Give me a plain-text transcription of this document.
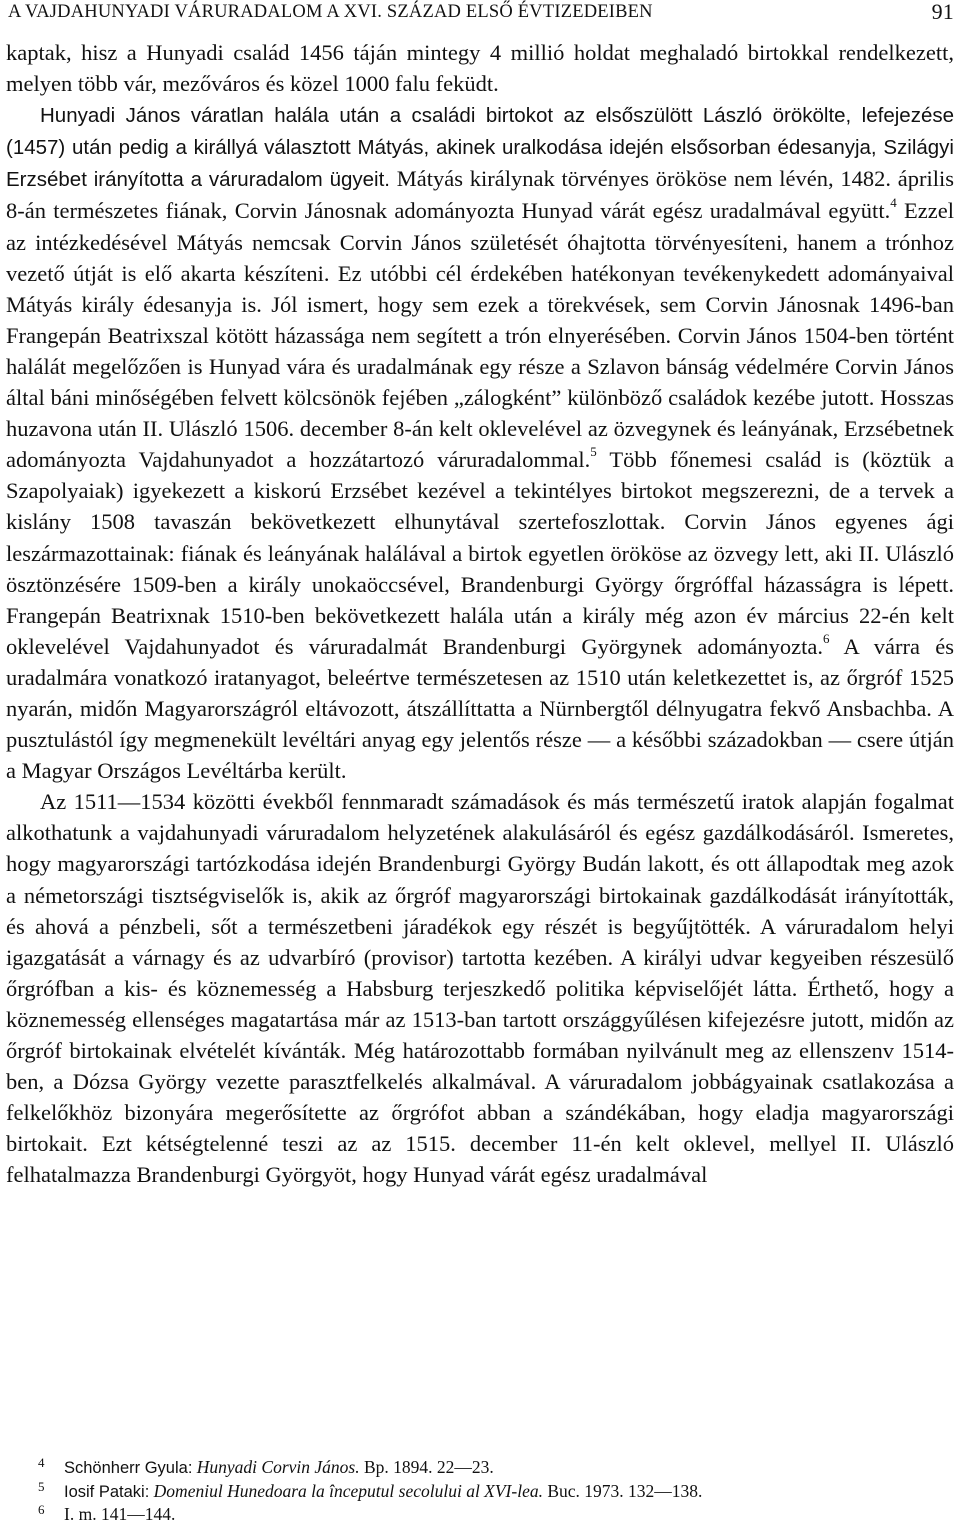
A VAJDAHUNYADI VÁRURADALOM A XVI. SZÁZAD ELSŐ ÉVTIZEDEIBEN	91

kaptak, hisz a Hunyadi család 1456 táján mintegy 4 millió holdat meghaladó birtokkal rendelkezett, melyen több vár, mezőváros és közel 1000 falu feküdt.

Hunyadi János váratlan halála után a családi birtokot az elsőszülött László örökölte, lefejezése (1457) után pedig a királlyá választott Mátyás, akinek uralkodása idején elsősorban édesanyja, Szilágyi Erzsébet irányította a váruradalom ügyeit. Mátyás királynak törvényes örököse nem lévén, 1482. április 8-án természetes fiának, Corvin Jánosnak adományozta Hunyad várát egész uradalmával együtt.$^4$ Ezzel az intézkedésével Mátyás nemcsak Corvin János születését óhajtotta törvényesíteni, hanem a trónhoz vezető útját is elő akarta készíteni. Ez utóbbi cél érdekében hatékonyan tevékenykedett adományaival Mátyás király édesanyja is. Jól ismert, hogy sem ezek a törekvések, sem Corvin Jánosnak 1496-ban Frangepán Beatrixszal kötött házassága nem segített a trón elnyerésében. Corvin János 1504-ben történt halálát megelőzően is Hunyad vára és uradalmának egy része a Szlavon bánság védelmére Corvin János által báni minőségében felvett kölcsönök fejében „zálogként” különböző családok kezébe jutott. Hosszas huzavona után II. Ulászló 1506. december 8-án kelt oklevelével az özvegynek és leányának, Erzsébetnek adományozta Vajdahunyadot a hozzátartozó váruradalommal.$^5$ Több főnemesi család is (köztük a Szapolyaiak) igyekezett a kiskorú Erzsébet kezével a tekintélyes birtokot megszerezni, de a tervek a kislány 1508 tavaszán bekövetkezett elhunytával szertefoszlottak. Corvin János egyenes ági leszármazottainak: fiának és leányának halálával a birtok egyetlen örököse az özvegy lett, aki II. Ulászló ösztönzésére 1509-ben a király unokaöccsével, Brandenburgi György őrgróffal házasságra is lépett. Frangepán Beatrixnak 1510-ben bekövetkezett halála után a király még azon év március 22-én kelt oklevelével Vajdahunyadot és váruradalmát Brandenburgi Györgynek adományozta.$^6$ A várra és uradalmára vonatkozó iratanyagot, beleértve természetesen az 1510 után keletkezettet is, az őrgróf 1525 nyarán, midőn Magyarországról eltávozott, átszállíttatta a Nürnbergtől délnyugatra fekvő Ansbachba. A pusztulástól így megmenekült levéltári anyag egy jelentős része — a későbbi századokban — csere útján a Magyar Országos Levéltárba került.

Az 1511—1534 közötti évekből fennmaradt számadások és más természetű iratok alapján fogalmat alkothatunk a vajdahunyadi váruradalom helyzetének alakulásáról és egész gazdálkodásáról. Ismeretes, hogy magyarországi tartózkodása idején Brandenburgi György Budán lakott, és ott állapodtak meg azok a németországi tisztségviselők is, akik az őrgróf magyarországi birtokainak gazdálkodását irányították, és ahová a pénzbeli, sőt a természetbeni járadékok egy részét is begyűjtötték. A váruradalom helyi igazgatását a várnagy és az udvarbíró (provisor) tartotta kezében. A királyi udvar kegyeiben részesülő őrgrófban a kis- és köznemesség a Habsburg terjeszkedő politika képviselőjét látta. Érthető, hogy a köznemesség ellenséges magatartása már az 1513-ban tartott országgyűlésen kifejezésre jutott, midőn az őrgróf birtokainak elvételét kívánták. Még határozottabb formában nyilvánult meg az ellenszenv 1514-ben, a Dózsa György vezette parasztfelkelés alkalmával. A váruradalom jobbágyainak csatlakozása a felkelőkhöz bizonyára megerősítette az őrgrófot abban a szándékában, hogy eladja magyarországi birtokait. Ezt kétségtelenné teszi az az 1515. december 11-én kelt oklevel, mellyel II. Ulászló felhatalmazza Brandenburgi Györgyöt, hogy Hunyad várát egész uradalmával

4 Schönherr Gyula: Hunyadi Corvin János. Bp. 1894. 22—23.
5 Iosif Pataki: Domeniul Hunedoara la începutul secolului al XVI-lea. Buc. 1973. 132—138.
6 I. m. 141—144.
